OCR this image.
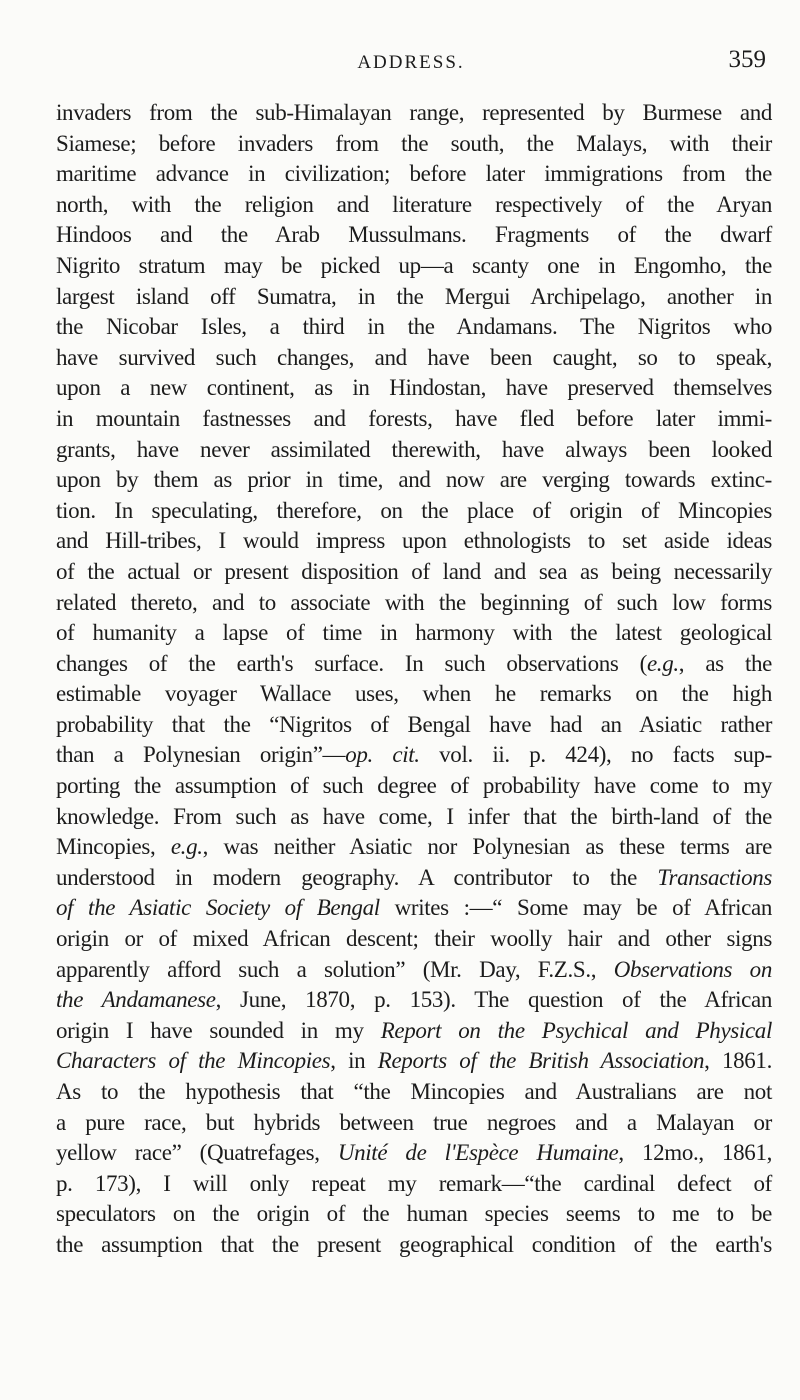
ADDRESS.	359
invaders from the sub-Himalayan range, represented by Burmese and
Siamese; before invaders from the south, the Malays, with their
maritime advance in civilization; before later immigrations from the
north, with the religion and literature respectively of the Aryan
Hindoos and the Arab Mussulmans. Fragments of the dwarf
Nigrito stratum may be picked up—a scanty one in Engomho, the
largest island off Sumatra, in the Mergui Archipelago, another in
the Nicobar Isles, a third in the Andamans. The Nigritos who
have survived such changes, and have been caught, so to speak,
upon a new continent, as in Hindostan, have preserved themselves
in mountain fastnesses and forests, have fled before later immi-
grants, have never assimilated therewith, have always been looked
upon by them as prior in time, and now are verging towards extinc-
tion. In speculating, therefore, on the place of origin of Mincopies
and Hill-tribes, I would impress upon ethnologists to set aside ideas
of the actual or present disposition of land and sea as being necessarily
related thereto, and to associate with the beginning of such low forms
of humanity a lapse of time in harmony with the latest geological
changes of the earth's surface. In such observations (e.g., as the
estimable voyager Wallace uses, when he remarks on the high
probability that the “Nigritos of Bengal have had an Asiatic rather
than a Polynesian origin”—op. cit. vol. ii. p. 424), no facts sup-
porting the assumption of such degree of probability have come to my
knowledge. From such as have come, I infer that the birth-land of the
Mincopies, e.g., was neither Asiatic nor Polynesian as these terms are
understood in modern geography. A contributor to the Transactions
of the Asiatic Society of Bengal writes :—“ Some may be of African
origin or of mixed African descent; their woolly hair and other signs
apparently afford such a solution” (Mr. Day, F.Z.S., Observations on
the Andamanese, June, 1870, p. 153). The question of the African
origin I have sounded in my Report on the Psychical and Physical
Characters of the Mincopies, in Reports of the British Association, 1861.
As to the hypothesis that “the Mincopies and Australians are not
a pure race, but hybrids between true negroes and a Malayan or
yellow race” (Quatrefages, Unité de l'Espèce Humaine, 12mo., 1861,
p. 173), I will only repeat my remark—“the cardinal defect of
speculators on the origin of the human species seems to me to be
the assumption that the present geographical condition of the earth's
